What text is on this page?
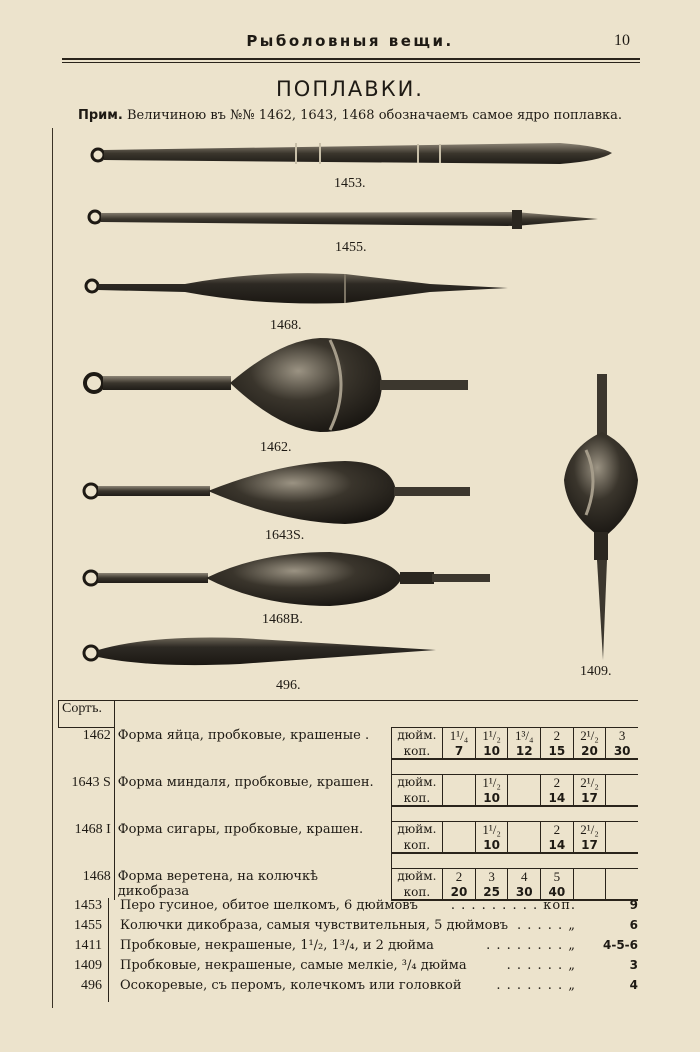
Рыболовныя вещи.	10
ПОПЛАВКИ.
Прим. Величиною въ №№ 1462, 1643, 1468 обозначаемъ самое ядро поплавка.
1453.
1455.
1468.
1462.
1643S.
1468B.
496.
1409.
Сортъ.								
1462	Форма яйца, пробковые, крашеные .	дюйм.	1¹/₄	1¹/₂	1³/₄	2	2¹/₂	3
		коп.	7	10	12	15	20	30

1643 S	Форма миндаля, пробковые, крашен.	дюйм.		1¹/₂		2	2¹/₂	
		коп.		10		14	17	

1468 I	Форма сигары, пробковые, крашен.	дюйм.		1¹/₂		2	2¹/₂	
		коп.		10		14	17	

1468	Форма веретена, на колючкѣ дикобраза	дюйм.	2	3	4	5		
		коп.	20	25	30	40		
1453 Перо гусиное, обитое шелкомъ, 6 дюймовъ	. . . . . . . . . коп.	9
1455 Колючки дикобраза, самыя чувствительныя, 5 дюймовъ . . . . . „	6
1411 Пробковые, некрашеные, 1¹/₂, 1³/₄, и 2 дюйма	. . . . . . . . „	4-5-6
1409 Пробковые, некрашеные, самые мелкіе, ³/₄ дюйма	. . . . . . „	3
496 Осокоревые, съ перомъ, колечкомъ или головкой	. . . . . . . „	4
